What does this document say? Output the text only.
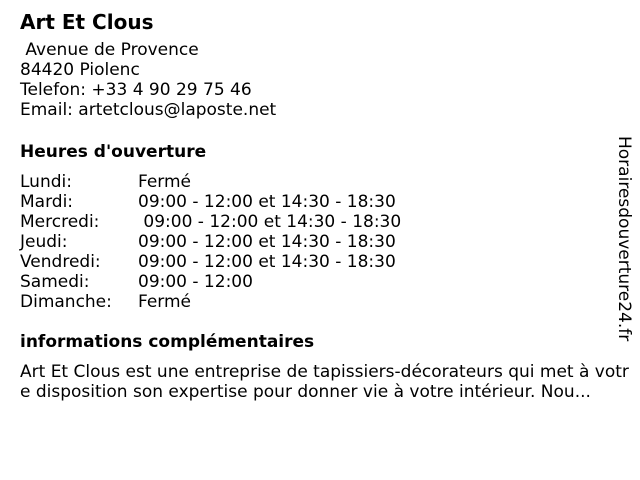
Art Et Clous
Avenue de Provence
84420 Piolenc
Telefon: +33 4 90 29 75 46
Email: artetclous@laposte.net
Heures d'ouverture
Lundi:	Fermé
Mardi:	09:00 - 12:00 et 14:30 - 18:30
Mercredi:	09:00 - 12:00 et 14:30 - 18:30
Jeudi:	09:00 - 12:00 et 14:30 - 18:30
Vendredi:	09:00 - 12:00 et 14:30 - 18:30
Samedi:	09:00 - 12:00
Dimanche:	Fermé
informations complémentaires
Art Et Clous est une entreprise de tapissiers-décorateurs qui met à votre disposition son expertise pour donner vie à votre intérieur. Nou...
Horairesdouverture24.fr
